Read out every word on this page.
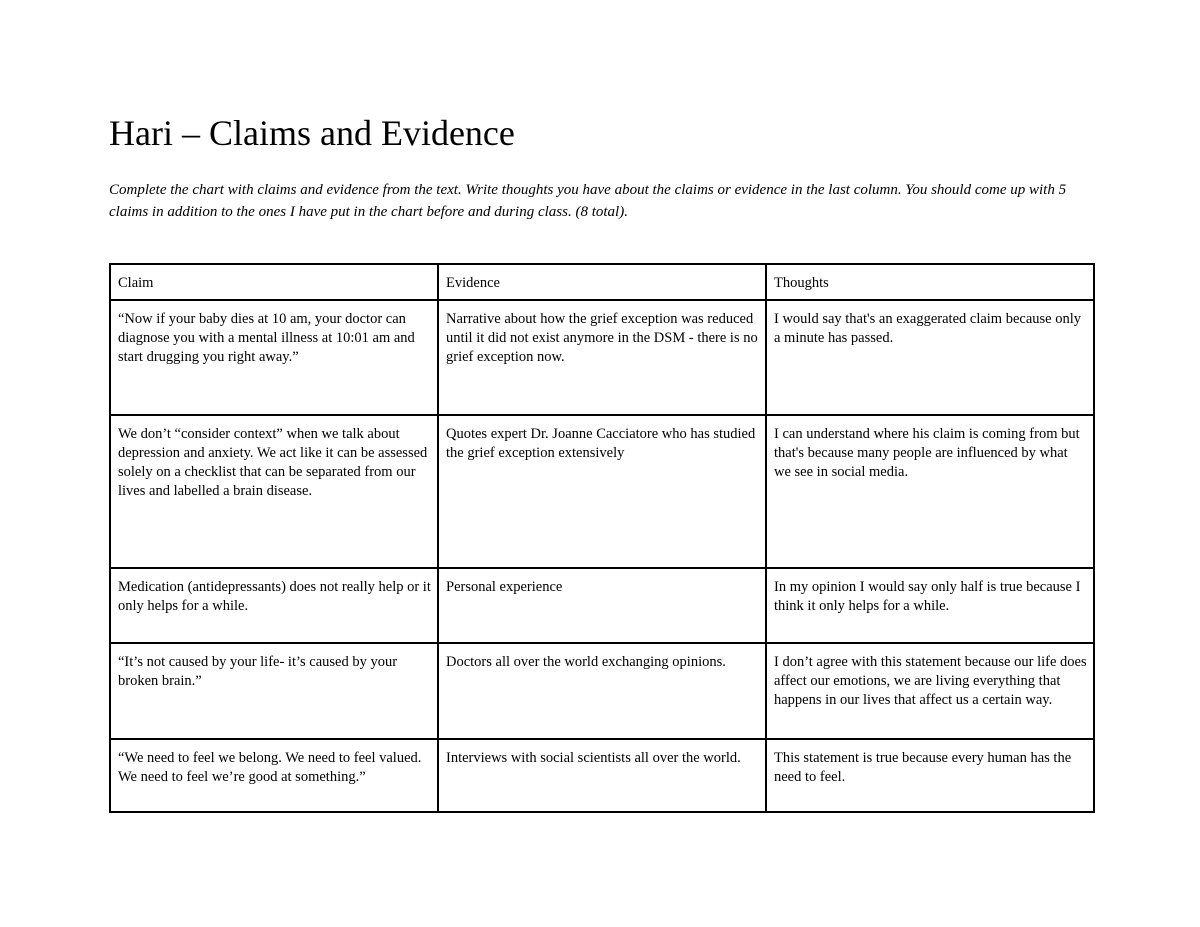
Hari – Claims and Evidence

Complete the chart with claims and evidence from the text. Write thoughts you have about the claims or evidence in the last column. You should come up with 5 claims in addition to the ones I have put in the chart before and during class. (8 total).

Claim	Evidence	Thoughts
“Now if your baby dies at 10 am, your doctor can diagnose you with a mental illness at 10:01 am and start drugging you right away.”	Narrative about how the grief exception was reduced until it did not exist anymore in the DSM - there is no grief exception now.	I would say that's an exaggerated claim because only a minute has passed.
We don’t “consider context” when we talk about depression and anxiety. We act like it can be assessed solely on a checklist that can be separated from our lives and labelled a brain disease.	Quotes expert Dr. Joanne Cacciatore who has studied the grief exception extensively	I can understand where his claim is coming from but that's because many people are influenced by what we see in social media.
Medication (antidepressants) does not really help or it only helps for a while.	Personal experience	In my opinion I would say only half is true because I think it only helps for a while.
“It’s not caused by your life- it’s caused by your broken brain.”	Doctors all over the world exchanging opinions.	I don’t agree with this statement because our life does affect our emotions, we are living everything that happens in our lives that affect us a certain way.
“We need to feel we belong. We need to feel valued. We need to feel we’re good at something.”	Interviews with social scientists all over the world.	This statement is true because every human has the need to feel.
